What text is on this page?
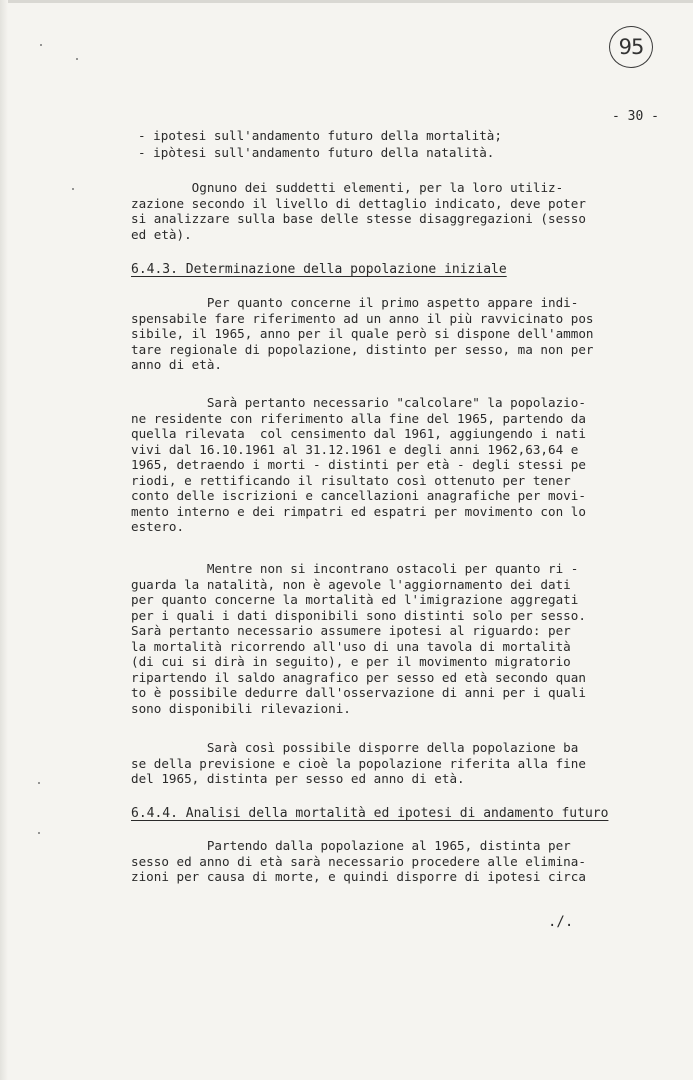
95
- 30 -
- ipotesi sull'andamento futuro della mortalità;
- ipòtesi sull'andamento futuro della natalità.
Ognuno dei suddetti elementi, per la loro utiliz-
zazione secondo il livello di dettaglio indicato, deve poter
si analizzare sulla base delle stesse disaggregazioni (sesso
ed età).
6.4.3. Determinazione della popolazione iniziale
Per quanto concerne il primo aspetto appare indi-
spensabile fare riferimento ad un anno il più ravvicinato pos
sibile, il 1965, anno per il quale però si dispone dell'ammon
tare regionale di popolazione, distinto per sesso, ma non per
anno di età.
Sarà pertanto necessario "calcolare" la popolazio-
ne residente con riferimento alla fine del 1965, partendo da
quella rilevata  col censimento dal 1961, aggiungendo i nati
vivi dal 16.10.1961 al 31.12.1961 e degli anni 1962,63,64 e
1965, detraendo i morti - distinti per età - degli stessi pe
riodi, e rettificando il risultato così ottenuto per tener
conto delle iscrizioni e cancellazioni anagrafiche per movi-
mento interno e dei rimpatri ed espatri per movimento con lo
estero.
Mentre non si incontrano ostacoli per quanto ri -
guarda la natalità, non è agevole l'aggiornamento dei dati
per quanto concerne la mortalità ed l'imigrazione aggregati
per i quali i dati disponibili sono distinti solo per sesso.
Sarà pertanto necessario assumere ipotesi al riguardo: per
la mortalità ricorrendo all'uso di una tavola di mortalità
(di cui si dirà in seguito), e per il movimento migratorio
ripartendo il saldo anagrafico per sesso ed età secondo quan
to è possibile dedurre dall'osservazione di anni per i quali
sono disponibili rilevazioni.
Sarà così possibile disporre della popolazione ba
se della previsione e cioè la popolazione riferita alla fine
del 1965, distinta per sesso ed anno di età.
6.4.4. Analisi della mortalità ed ipotesi di andamento futuro
Partendo dalla popolazione al 1965, distinta per
sesso ed anno di età sarà necessario procedere alle elimina-
zioni per causa di morte, e quindi disporre di ipotesi circa
./.
